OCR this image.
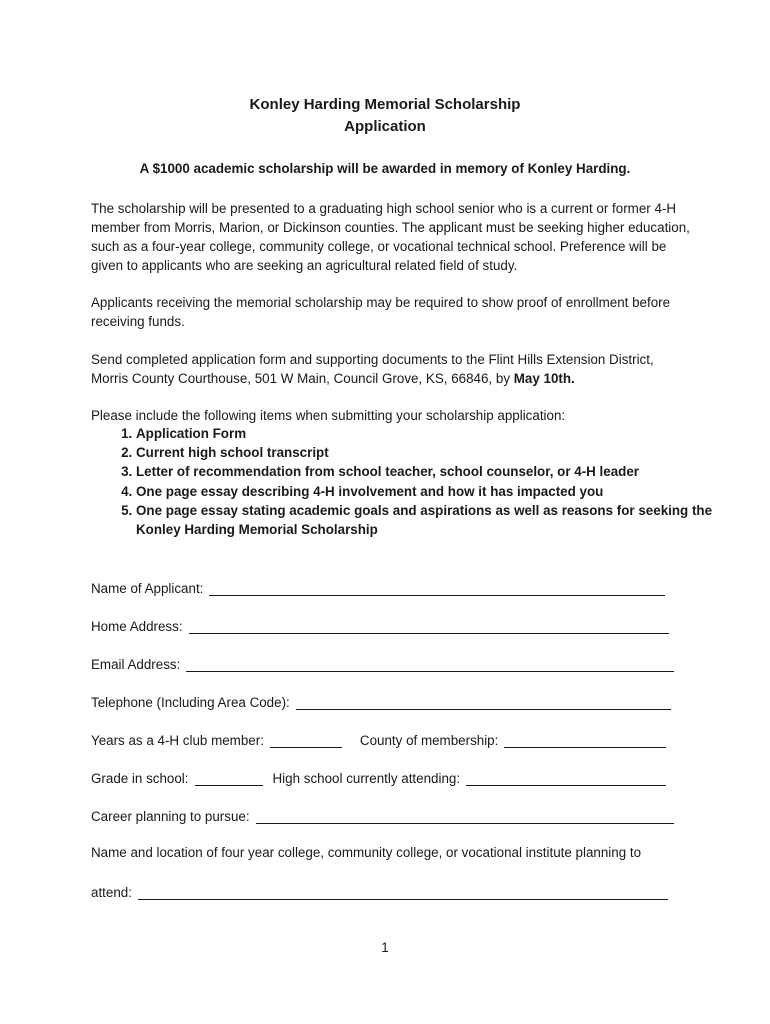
Konley Harding Memorial Scholarship
Application
A $1000 academic scholarship will be awarded in memory of Konley Harding.
The scholarship will be presented to a graduating high school senior who is a current or former 4-H member from Morris, Marion, or Dickinson counties. The applicant must be seeking higher education, such as a four-year college, community college, or vocational technical school. Preference will be given to applicants who are seeking an agricultural related field of study.
Applicants receiving the memorial scholarship may be required to show proof of enrollment before receiving funds.
Send completed application form and supporting documents to the Flint Hills Extension District, Morris County Courthouse, 501 W Main, Council Grove, KS, 66846, by May 10th.
Please include the following items when submitting your scholarship application:
1. Application Form
2. Current high school transcript
3. Letter of recommendation from school teacher, school counselor, or 4-H leader
4. One page essay describing 4-H involvement and how it has impacted you
5. One page essay stating academic goals and aspirations as well as reasons for seeking the Konley Harding Memorial Scholarship
Name of Applicant:
Home Address:
Email Address:
Telephone (Including Area Code):
Years as a 4-H club member:	County of membership:
Grade in school:	High school currently attending:
Career planning to pursue:
Name and location of four year college, community college, or vocational institute planning to
attend:
1
